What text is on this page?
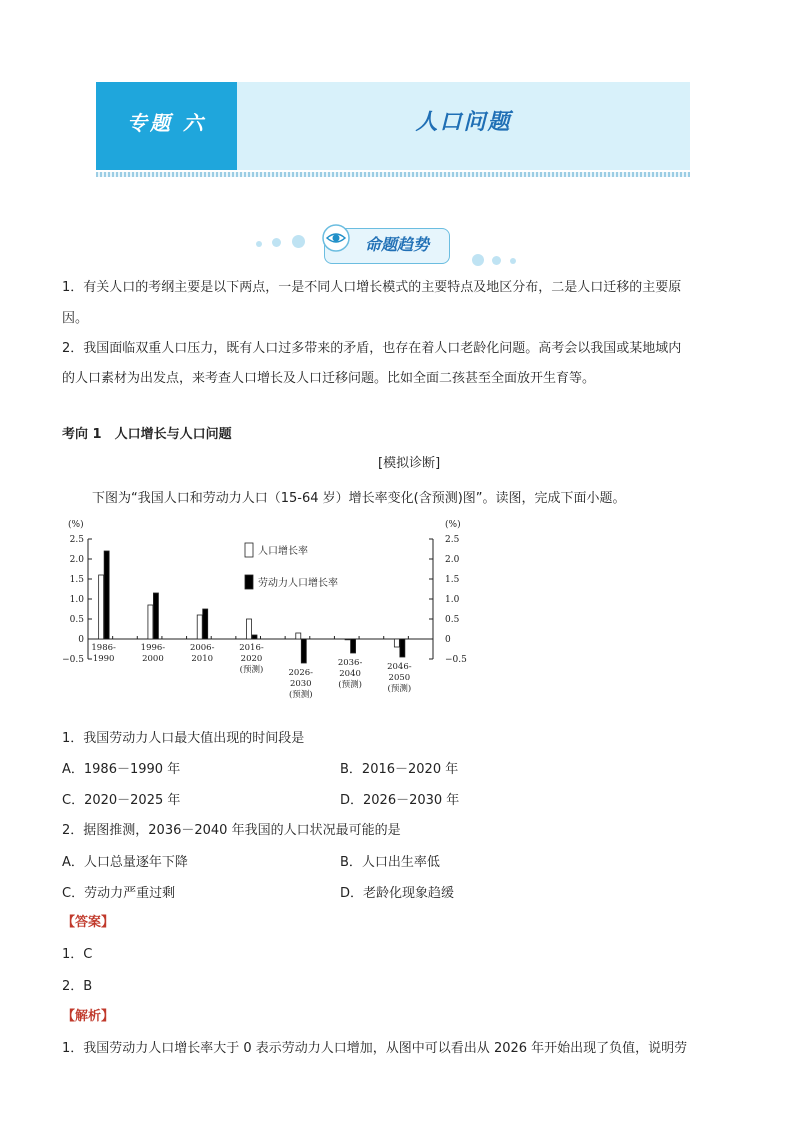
专题 六	人口问题
命题趋势
1．有关人口的考纲主要是以下两点，一是不同人口增长模式的主要特点及地区分布，二是人口迁移的主要原
因。
2．我国面临双重人口压力，既有人口过多带来的矛盾，也存在着人口老龄化问题。高考会以我国或某地域内
的人口素材为出发点，来考查人口增长及人口迁移问题。比如全面二孩甚至全面放开生育等。
考向 1　人口增长与人口问题
[模拟诊断]
下图为“我国人口和劳动力人口（15-64 岁）增长率变化(含预测)图”。读图，完成下面小题。
(%)	(%)
2.5	2.5
2.0	2.0
1.5	1.5
1.0	1.0
0.5	0.5
0	0
−0.5	−0.5
1986-
1990
1996-
2000
2006-
2010
2016-
2020
(预测)	2026-
2030
(预测)
2036-
2040
(预测)
2046-
2050
(预测)
人口增长率
劳动力人口增长率
1．我国劳动力人口最大值出现的时间段是
A．1986－1990 年	B．2016－2020 年
C．2020－2025 年	D．2026－2030 年
2．据图推测，2036－2040 年我国的人口状况最可能的是
A．人口总量逐年下降	B．人口出生率低
C．劳动力严重过剩	D．老龄化现象趋缓
【答案】
1．C
2．B
【解析】
1．我国劳动力人口增长率大于 0 表示劳动力人口增加，从图中可以看出从 2026 年开始出现了负值，说明劳
